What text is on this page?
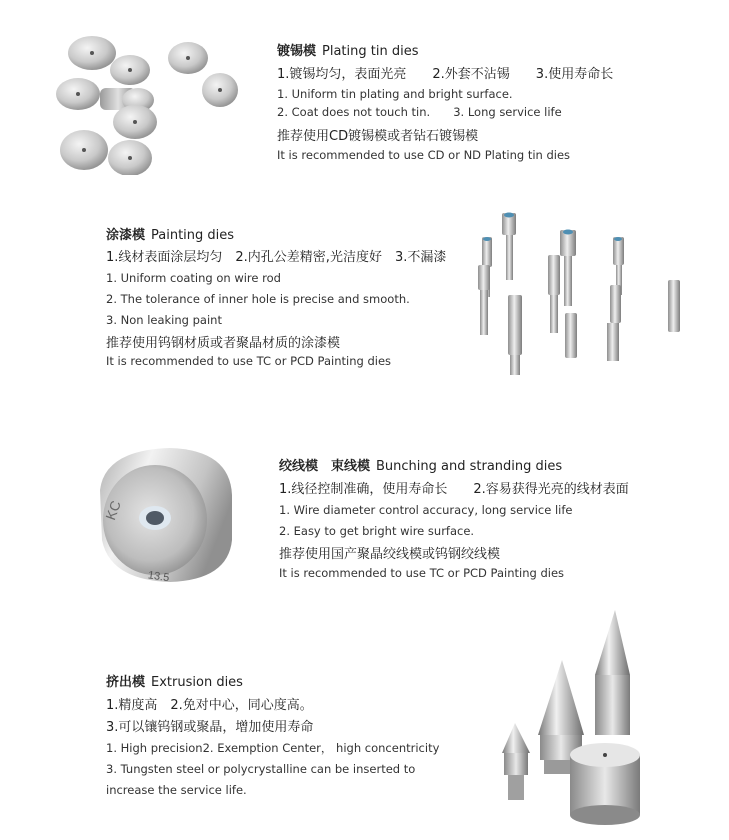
镀锡模 Plating tin dies
1.镀锡均匀，表面光亮　　2.外套不沾锡　　3.使用寿命长
1. Uniform tin plating and bright surface.
2. Coat does not touch tin.　　3. Long service life
推荐使用CD镀锡模或者钻石镀锡模
It is recommended to use CD or ND Plating tin dies
涂漆模 Painting dies
1.线材表面涂层均匀　2.内孔公差精密,光洁度好　3.不漏漆
1. Uniform coating on wire rod
2. The tolerance of inner hole is precise and smooth.
3. Non leaking paint
推荐使用钨钢材质或者聚晶材质的涂漆模
It is recommended to use TC or PCD Painting dies
KC
13.5
绞线模　束线模 Bunching and stranding dies
1.线径控制准确，使用寿命长　　2.容易获得光亮的线材表面
1. Wire diameter control accuracy, long service life
2. Easy to get bright wire surface.
推荐使用国产聚晶绞线模或钨钢绞线模
It is recommended to use TC or PCD Painting dies
挤出模 Extrusion dies
1.精度高　2.免对中心，同心度高。
3.可以镶钨钢或聚晶，增加使用寿命
1. High precision2. Exemption Center， high concentricity
3. Tungsten steel or polycrystalline can be inserted to
increase the service life.
